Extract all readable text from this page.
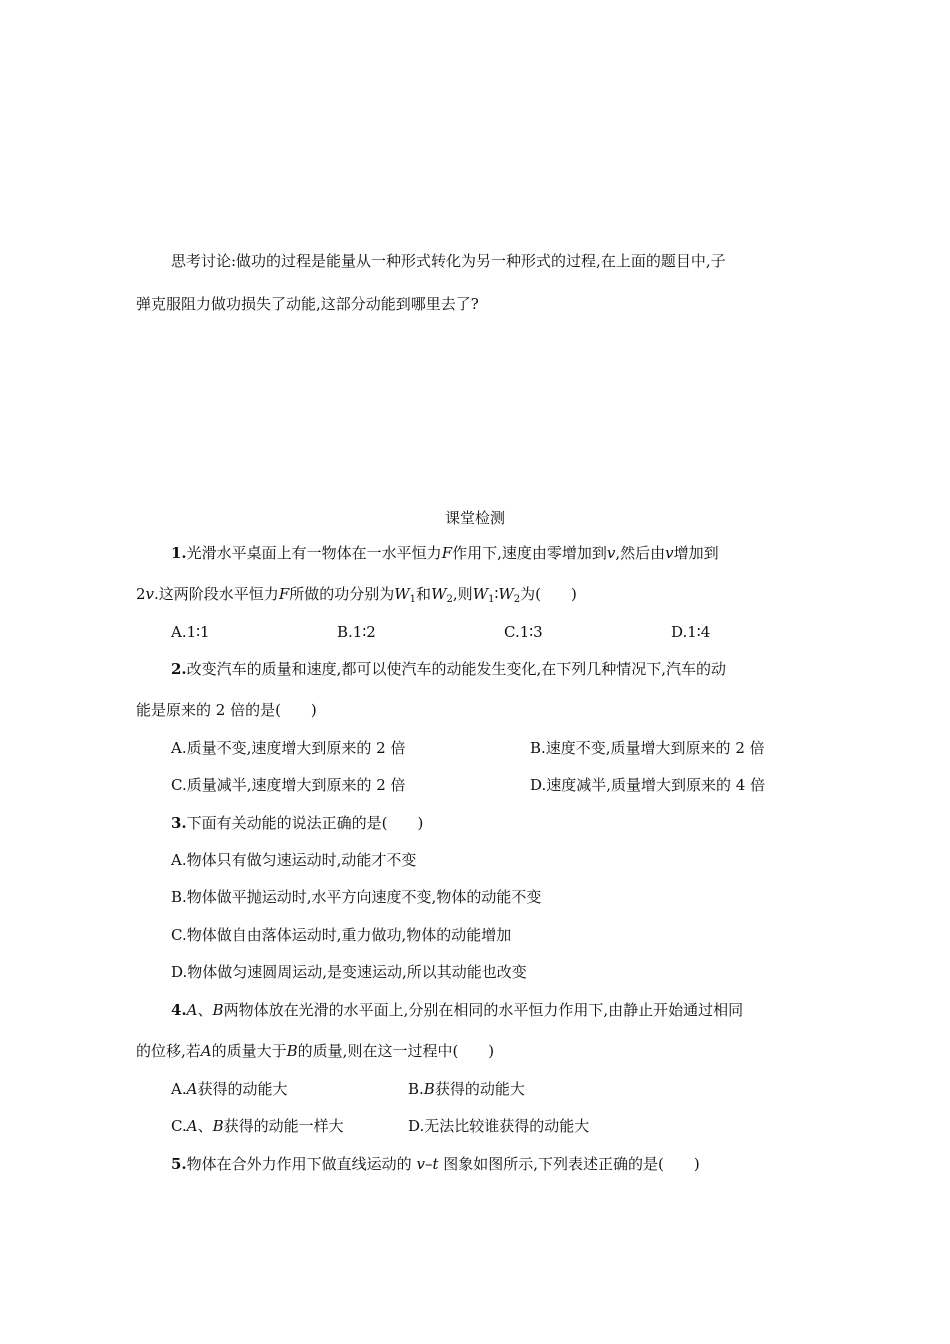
思考讨论:做功的过程是能量从一种形式转化为另一种形式的过程,在上面的题目中,子
弹克服阻力做功损失了动能,这部分动能到哪里去了?
课堂检测
1.光滑水平桌面上有一物体在一水平恒力F作用下,速度由零增加到v,然后由v增加到
2v.这两阶段水平恒力F所做的功分别为$W_1$和$W_2$,则$W_1∶W_2$为(　　)
A.1∶1	B.1∶2	C.1∶3	D.1∶4
2.改变汽车的质量和速度,都可以使汽车的动能发生变化,在下列几种情况下,汽车的动
能是原来的 2 倍的是(　　)
A.质量不变,速度增大到原来的 2 倍	B.速度不变,质量增大到原来的 2 倍
C.质量减半,速度增大到原来的 2 倍	D.速度减半,质量增大到原来的 4 倍
3.下面有关动能的说法正确的是(　　)
A.物体只有做匀速运动时,动能才不变
B.物体做平抛运动时,水平方向速度不变,物体的动能不变
C.物体做自由落体运动时,重力做功,物体的动能增加
D.物体做匀速圆周运动,是变速运动,所以其动能也改变
4.A、B两物体放在光滑的水平面上,分别在相同的水平恒力作用下,由静止开始通过相同
的位移,若A的质量大于B的质量,则在这一过程中(　　)
A.A获得的动能大	B.B获得的动能大
C.A、B获得的动能一样大	D.无法比较谁获得的动能大
5.物体在合外力作用下做直线运动的 v–t 图象如图所示,下列表述正确的是(　　)
